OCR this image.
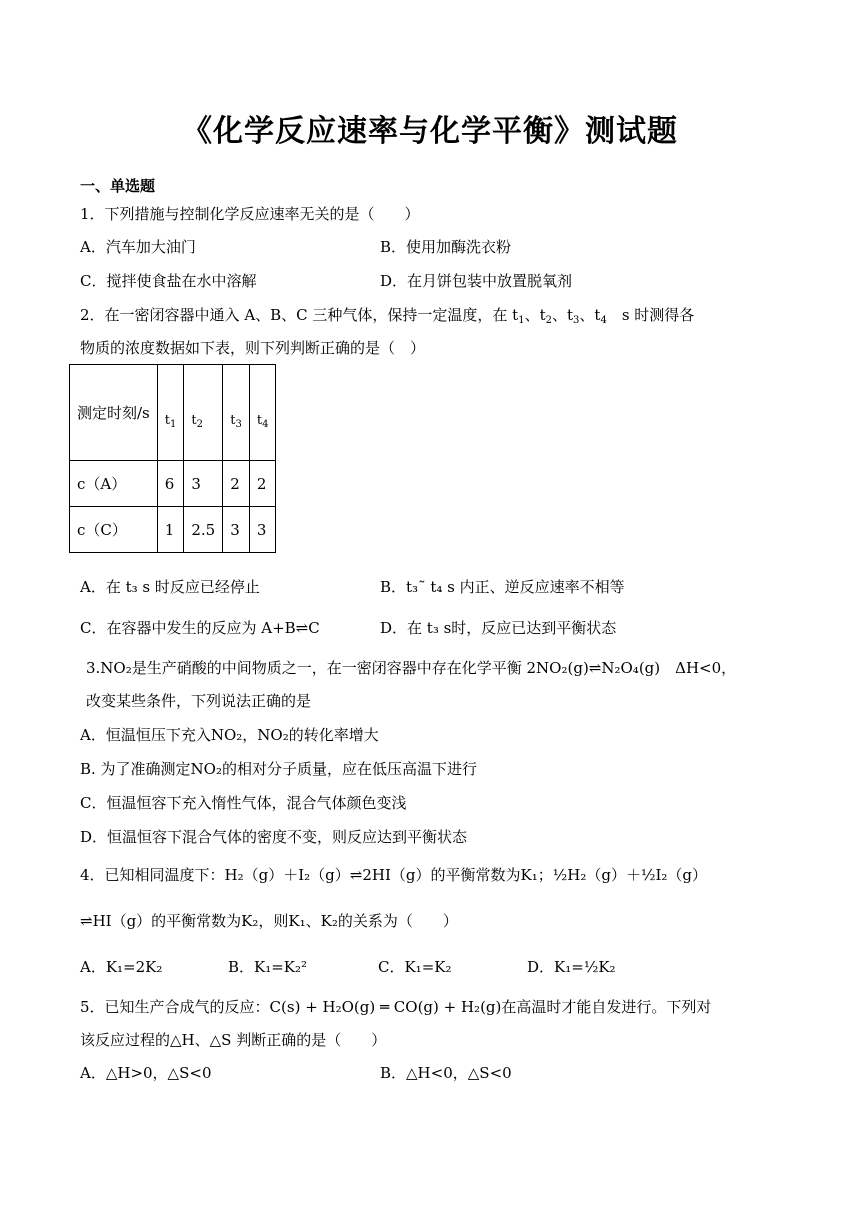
《化学反应速率与化学平衡》测试题
一、单选题
1．下列措施与控制化学反应速率无关的是（　　）
A．汽车加大油门	B．使用加酶洗衣粉
C．搅拌使食盐在水中溶解	D．在月饼包装中放置脱氧剂
2．在一密闭容器中通入 A、B、C 三种气体，保持一定温度，在 $t_1$、$t_2$、$t_3$、$t_4$　 s 时测得各
物质的浓度数据如下表，则下列判断正确的是（　）
测定时刻/s	$t_1$	$t_2$	$t_3$	$t_4$
c（A）	6	3	2	2
c（C）	1	2.5	3	3
A．在 t₃ s 时反应已经停止	B．t₃˜ t₄ s 内正、逆反应速率不相等
C．在容器中发生的反应为 A+B⇌C	D．在 t₃ s时，反应已达到平衡状态
3.NO₂是生产硝酸的中间物质之一，在一密闭容器中存在化学平衡 2NO₂(g)⇌N₂O₄(g)　ΔH<0，
改变某些条件，下列说法正确的是
A．恒温恒压下充入NO₂，NO₂的转化率增大
B. 为了准确测定NO₂的相对分子质量，应在低压高温下进行
C．恒温恒容下充入惰性气体，混合气体颜色变浅
D．恒温恒容下混合气体的密度不变，则反应达到平衡状态
4．已知相同温度下：H₂（g）＋I₂（g）⇌2HI（g）的平衡常数为K₁；½H₂（g）＋½I₂（g）
⇌HI（g）的平衡常数为K₂，则K₁、K₂的关系为（　　）
A．K₁=2K₂	B．K₁=K₂²	C．K₁=K₂	D．K₁=½K₂
5．已知生产合成气的反应：C(s) + H₂O(g) ═ CO(g) + H₂(g)在高温时才能自发进行。下列对
该反应过程的△H、△S 判断正确的是（　　）
A．△H>0，△S<0	B．△H<0，△S<0
